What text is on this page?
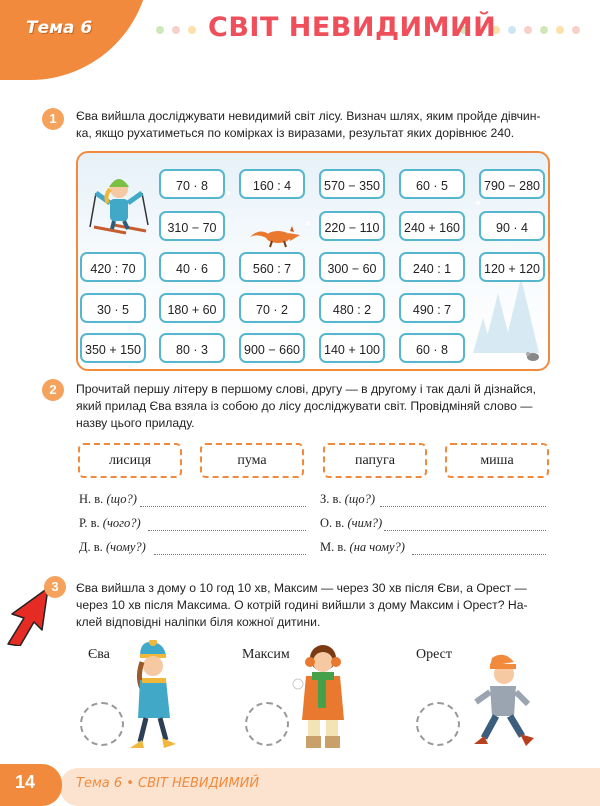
Тема 6	СВІТ НЕВИДИМИЙ
1	Єва вийшла досліджувати невидимий світ лісу. Визнач шлях, яким пройде дівчин-
ка, якщо рухатиметься по комірках із виразами, результат яких дорівнює 240.
70 · 8	160 : 4	570 − 350	60 · 5	790 − 280
310 − 70	220 − 110	240 + 160	90 · 4
420 : 70	40 · 6	560 : 7	300 − 60	240 : 1	120 + 120
30 · 5	180 + 60	70 · 2	480 : 2	490 : 7
350 + 150	80 · 3	900 − 660	140 + 100	60 · 8
2	Прочитай першу літеру в першому слові, другу — в другому і так далі й дізнайся,
який прилад Єва взяла із собою до лісу досліджувати світ. Провідміняй слово —
назву цього приладу.
лисиця	пума	папуга	миша
Н. в. (що?)
Р. в. (чого?)
Д. в. (чому?)
З. в. (що?)
О. в. (чим?)
М. в. (на чому?)
3	Єва вийшла з дому о 10 год 10 хв, Максим — через 30 хв після Єви, а Орест —
через 10 хв після Максима. О котрій годині вийшли з дому Максим і Орест? На-
клей відповідні наліпки біля кожної дитини.
Єва	Максим	Орест
14	Тема 6 • СВІТ НЕВИДИМИЙ
